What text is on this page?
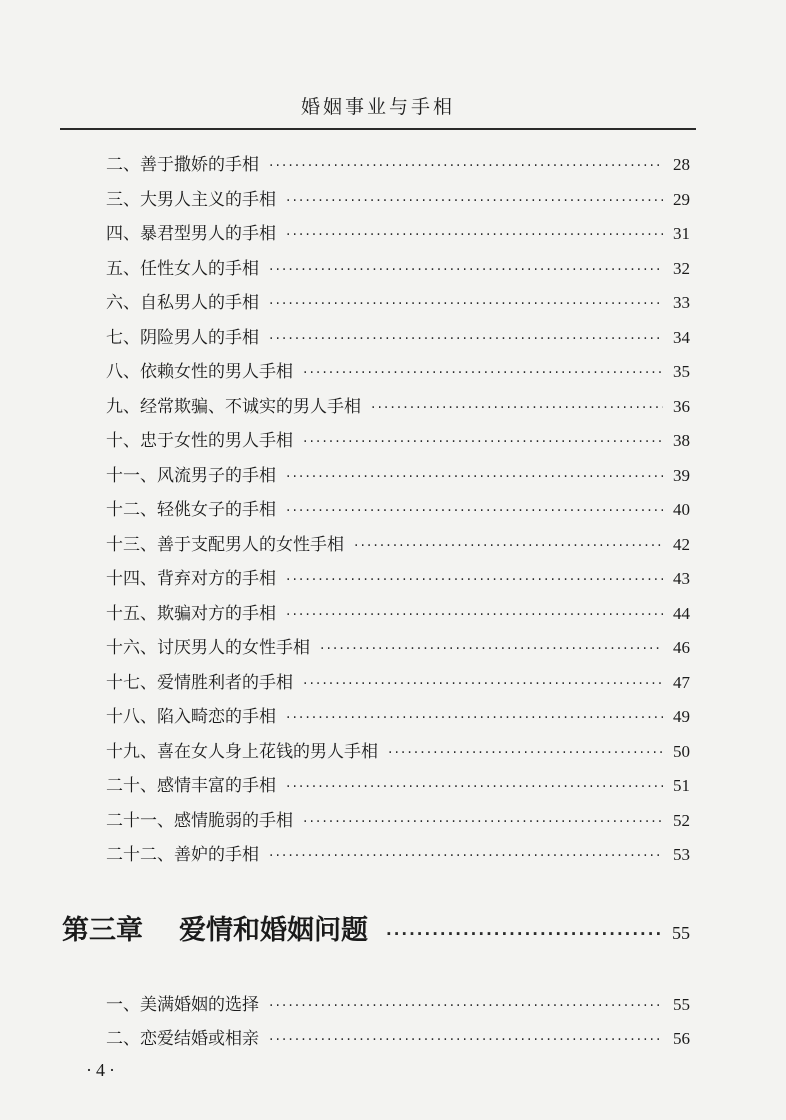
婚姻事业与手相
二、善于撒娇的手相 ·····	28
三、大男人主义的手相 ·····	29
四、暴君型男人的手相 ·····	31
五、任性女人的手相 ·····	32
六、自私男人的手相 ·····	33
七、阴险男人的手相 ·····	34
八、依赖女性的男人手相 ·····	35
九、经常欺骗、不诚实的男人手相 ·····	36
十、忠于女性的男人手相 ·····	38
十一、风流男子的手相 ·····	39
十二、轻佻女子的手相 ·····	40
十三、善于支配男人的女性手相 ·····	42
十四、背弃对方的手相 ·····	43
十五、欺骗对方的手相 ·····	44
十六、讨厌男人的女性手相 ·····	46
十七、爱情胜利者的手相 ·····	47
十八、陷入畸恋的手相 ·····	49
十九、喜在女人身上花钱的男人手相 ·····	50
二十、感情丰富的手相 ·····	51
二十一、感情脆弱的手相 ·····	52
二十二、善妒的手相 ·····	53
第三章 爱情和婚姻问题 ·····	55
一、美满婚姻的选择 ·····	55
二、恋爱结婚或相亲 ·····	56
·4·
